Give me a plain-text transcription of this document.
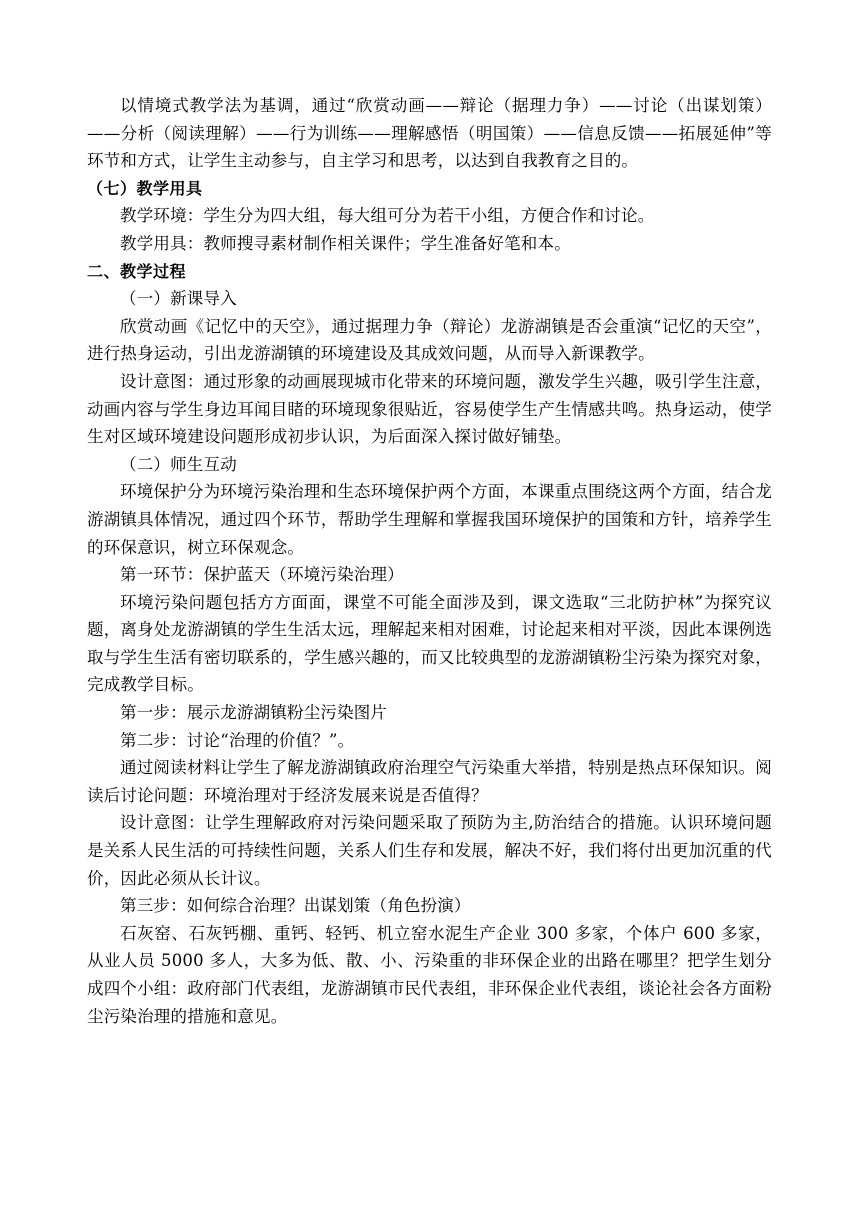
以情境式教学法为基调，通过“欣赏动画——辩论（据理力争）——讨论（出谋划策）——分析（阅读理解）——行为训练——理解感悟（明国策）——信息反馈——拓展延伸”等环节和方式，让学生主动参与，自主学习和思考，以达到自我教育之目的。

（七）教学用具

教学环境：学生分为四大组，每大组可分为若干小组，方便合作和讨论。

教学用具：教师搜寻素材制作相关课件；学生准备好笔和本。

二、教学过程

（一）新课导入

欣赏动画《记忆中的天空》，通过据理力争（辩论）龙游湖镇是否会重演“记忆的天空”，进行热身运动，引出龙游湖镇的环境建设及其成效问题，从而导入新课教学。

设计意图：通过形象的动画展现城市化带来的环境问题，激发学生兴趣，吸引学生注意，动画内容与学生身边耳闻目睹的环境现象很贴近，容易使学生产生情感共鸣。热身运动，使学生对区域环境建设问题形成初步认识，为后面深入探讨做好铺垫。

（二）师生互动

环境保护分为环境污染治理和生态环境保护两个方面，本课重点围绕这两个方面，结合龙游湖镇具体情况，通过四个环节，帮助学生理解和掌握我国环境保护的国策和方针，培养学生的环保意识，树立环保观念。

第一环节：保护蓝天（环境污染治理）

环境污染问题包括方方面面，课堂不可能全面涉及到，课文选取“三北防护林”为探究议题，离身处龙游湖镇的学生生活太远，理解起来相对困难，讨论起来相对平淡，因此本课例选取与学生生活有密切联系的，学生感兴趣的，而又比较典型的龙游湖镇粉尘污染为探究对象，完成教学目标。

第一步：展示龙游湖镇粉尘污染图片

第二步：讨论“治理的价值？”。

通过阅读材料让学生了解龙游湖镇政府治理空气污染重大举措，特别是热点环保知识。阅读后讨论问题：环境治理对于经济发展来说是否值得？

设计意图：让学生理解政府对污染问题采取了预防为主,防治结合的措施。认识环境问题是关系人民生活的可持续性问题，关系人们生存和发展，解决不好，我们将付出更加沉重的代价，因此必须从长计议。

第三步：如何综合治理？出谋划策（角色扮演）

石灰窑、石灰钙棚、重钙、轻钙、机立窑水泥生产企业 300 多家，个体户 600 多家，从业人员 5000 多人，大多为低、散、小、污染重的非环保企业的出路在哪里？把学生划分成四个小组：政府部门代表组，龙游湖镇市民代表组，非环保企业代表组，谈论社会各方面粉尘污染治理的措施和意见。
